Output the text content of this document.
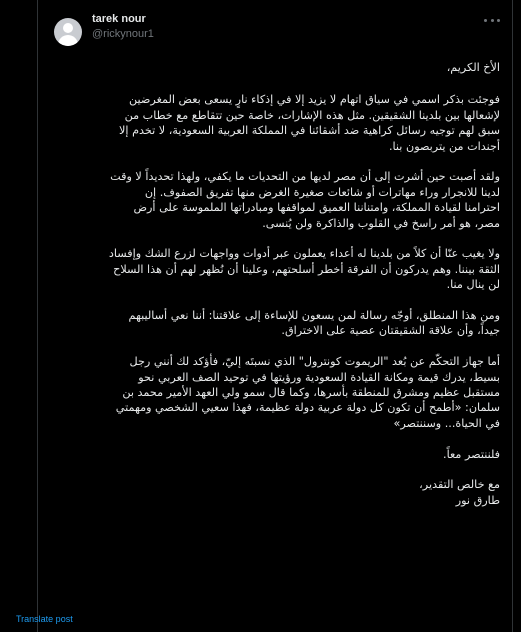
tarek nour
@rickynour1

الأخ الكريم،

فوجئت بذكر اسمي في سياق اتهام لا يزيد إلا في إذكاء نارٍ يسعى بعض المغرضين
لإشعالها بين بلدينا الشقيقين. مثل هذه الإشارات، خاصة حين تتقاطع مع خطاب من
سبق لهم توجيه رسائل كراهية ضد أشقائنا في المملكة العربية السعودية، لا تخدم إلا
أجندات من يتربصون بنا.

ولقد أصبت حين أشرت إلى أن مصر لديها من التحديات ما يكفي، ولهذا تحديداً لا وقت
لدينا للانجرار وراء مهاترات أو شائعات صغيرة الغرض منها تفريق الصفوف. إن
احترامنا لقيادة المملكة، وامتناننا العميق لمواقفها ومبادراتها الملموسة على أرض
مصر، هو أمر راسخ في القلوب والذاكرة ولن يُنسى.

ولا يغيب عنّا أن كلاً من بلدينا له أعداء يعملون عبر أدوات وواجهات لزرع الشك وإفساد
الثقة بيننا. وهم يدركون أن الفرقة أخطر أسلحتهم، وعلينا أن نُظهر لهم أن هذا السلاح
لن ينال منا.

ومن هذا المنطلق، أوجّه رسالة لمن يسعون للإساءة إلى علاقتنا: أننا نعي أساليبهم
جيداً، وأن علاقة الشقيقتان عصية على الاختراق.

أما جهاز التحكّم عن بُعد "الريموت كونترول" الذي نسبتَه إليّ، فأؤكد لك أنني رجل
بسيط، يدرك قيمة ومكانة القيادة السعودية ورؤيتها في توحيد الصف العربي نحو
مستقبل عظيم ومشرق للمنطقة بأسرها، وكما قال سمو ولي العهد الأمير محمد بن
سلمان: «أطمح أن تكون كل دولة عربية دولة عظيمة، فهذا سعيي الشخصي ومهمتي
في الحياة... وسننتصر»

فلننتصر معاً.

مع خالص التقدير،
طارق نور

Translate post
